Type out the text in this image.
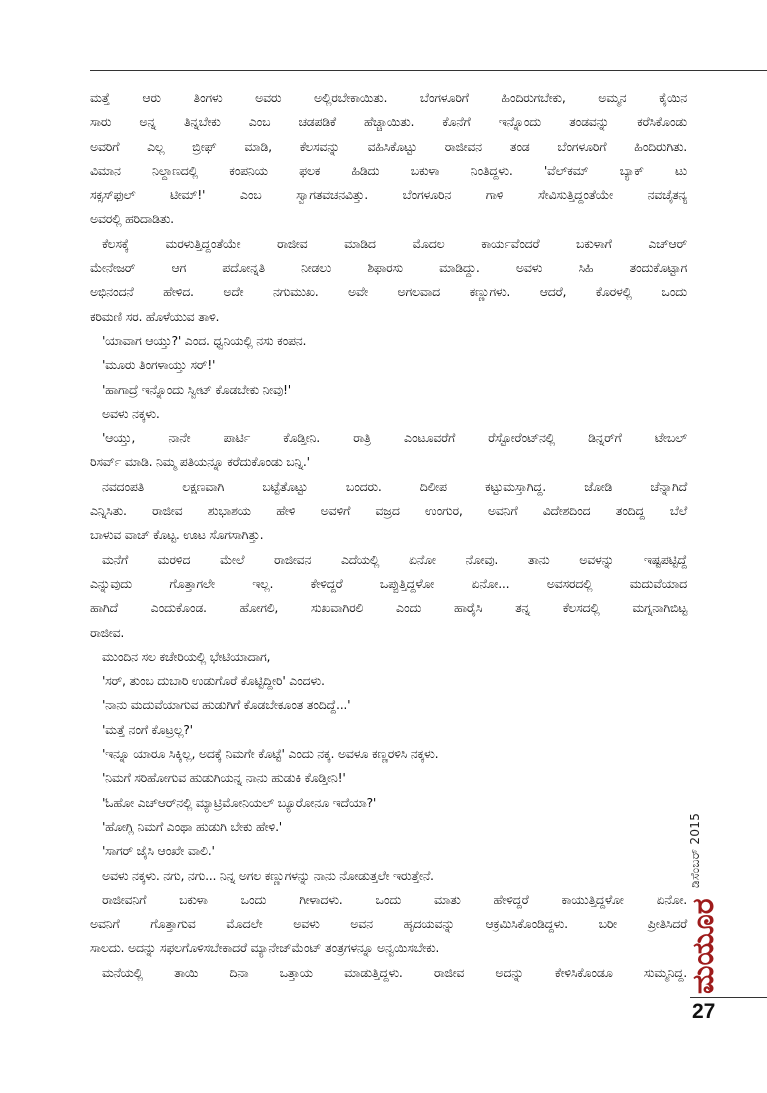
ಮತ್ತೆ ಆರು ತಿಂಗಳು ಅವರು ಅಲ್ಲಿರಬೇಕಾಯಿತು. ಬೆಂಗಳೂರಿಗೆ ಹಿಂದಿರುಗಬೇಕು, ಅಮ್ಮನ ಕೈಯಿನ
ಸಾರು ಅನ್ನ ತಿನ್ನಬೇಕು ಎಂಬ ಚಡಪಡಿಕೆ ಹೆಚ್ಚಾಯಿತು. ಕೊನೆಗೆ ಇನ್ನೊಂದು ತಂಡವನ್ನು ಕರೆಸಿಕೊಂಡು
ಅವರಿಗೆ ಎಲ್ಲ ಬ್ರೀಫ್ ಮಾಡಿ, ಕೆಲಸವನ್ನು ವಹಿಸಿಕೊಟ್ಟು ರಾಜೀವನ ತಂಡ ಬೆಂಗಳೂರಿಗೆ ಹಿಂದಿರುಗಿತು.
ವಿಮಾನ ನಿಲ್ದಾಣದಲ್ಲಿ ಕಂಪನಿಯ ಫಲಕ ಹಿಡಿದು ಬಕುಳಾ ನಿಂತಿದ್ದಳು. 'ವೆಲ್‌ಕಮ್ ಬ್ಯಾಕ್ ಟು
ಸಕ್ಸಸ್‌ಫುಲ್ ಟೀಮ್!' ಎಂಬ ಸ್ವಾಗತವಚನವಿತ್ತು. ಬೆಂಗಳೂರಿನ ಗಾಳಿ ಸೇವಿಸುತ್ತಿದ್ದಂತೆಯೇ ನವಚೈತನ್ಯ
ಅವರಲ್ಲಿ ಹರಿದಾಡಿತು.
ಕೆಲಸಕ್ಕೆ ಮರಳುತ್ತಿದ್ದಂತೆಯೇ ರಾಜೀವ ಮಾಡಿದ ಮೊದಲ ಕಾರ್ಯವೆಂದರೆ ಬಕುಳಾಗೆ ಎಚ್‌ಆರ್
ಮೇನೇಜರ್ ಆಗ ಪದೋನ್ನತಿ ನೀಡಲು ಶಿಫಾರಸು ಮಾಡಿದ್ದು. ಅವಳು ಸಿಹಿ ತಂದುಕೊಟ್ಟಾಗ
ಅಭಿನಂದನೆ ಹೇಳಿದ. ಅದೇ ನಗುಮುಖ. ಅವೇ ಅಗಲವಾದ ಕಣ್ಣುಗಳು. ಆದರೆ, ಕೊರಳಲ್ಲಿ ಒಂದು
ಕರಿಮಣಿ ಸರ. ಹೊಳೆಯುವ ತಾಳಿ.
'ಯಾವಾಗ ಆಯ್ತು?' ಎಂದ. ಧ್ವನಿಯಲ್ಲಿ ನಸು ಕಂಪನ.
'ಮೂರು ತಿಂಗಳಾಯ್ತು ಸರ್!'
'ಹಾಗಾದ್ರೆ ಇನ್ನೊಂದು ಸ್ವೀಟ್ ಕೊಡಬೇಕು ನೀವು!'
ಅವಳು ನಕ್ಕಳು.
'ಆಯ್ತು, ನಾನೇ ಪಾರ್ಟಿ ಕೊಡ್ತೀನಿ. ರಾತ್ರಿ ಎಂಟೂವರೆಗೆ ರೆಸ್ಟೋರೆಂಟ್‌ನಲ್ಲಿ ಡಿನ್ನರ್‌ಗೆ ಟೇಬಲ್
ರಿಸರ್ವ್ ಮಾಡಿ. ನಿಮ್ಮ ಪತಿಯನ್ನೂ ಕರೆದುಕೊಂಡು ಬನ್ನಿ.'
ನವದಂಪತಿ ಲಕ್ಷಣವಾಗಿ ಬಟ್ಟೆತೊಟ್ಟು ಬಂದರು. ದಿಲೀಪ ಕಟ್ಟುಮಸ್ತಾಗಿದ್ದ. ಜೋಡಿ ಚೆನ್ನಾಗಿದೆ
ಎನ್ನಿಸಿತು. ರಾಜೀವ ಶುಭಾಶಯ ಹೇಳಿ ಅವಳಿಗೆ ವಜ್ರದ ಉಂಗುರ, ಅವನಿಗೆ ವಿದೇಶದಿಂದ ತಂದಿದ್ದ ಬೆಲೆ
ಬಾಳುವ ವಾಚ್ ಕೊಟ್ಟ. ಊಟ ಸೊಗಸಾಗಿತ್ತು.
ಮನೆಗೆ ಮರಳಿದ ಮೇಲೆ ರಾಜೀವನ ಎದೆಯಲ್ಲಿ ಏನೋ ನೋವು. ತಾನು ಅವಳನ್ನು ಇಷ್ಟಪಟ್ಟಿದ್ದೆ
ಎನ್ನುವುದು ಗೊತ್ತಾಗಲೇ ಇಲ್ಲ. ಕೇಳಿದ್ದರೆ ಒಪ್ಪುತ್ತಿದ್ದಳೋ ಏನೋ... ಅವಸರದಲ್ಲಿ ಮದುವೆಯಾದ
ಹಾಗಿದೆ ಎಂದುಕೊಂಡ. ಹೋಗಲಿ, ಸುಖವಾಗಿರಲಿ ಎಂದು ಹಾರೈಸಿ ತನ್ನ ಕೆಲಸದಲ್ಲಿ ಮಗ್ನನಾಗಿಬಿಟ್ಟ
ರಾಜೀವ.
ಮುಂದಿನ ಸಲ ಕಚೇರಿಯಲ್ಲಿ ಭೇಟಿಯಾದಾಗ,
'ಸರ್, ತುಂಬ ದುಬಾರಿ ಉಡುಗೊರೆ ಕೊಟ್ಟಿದ್ದೀರಿ' ಎಂದಳು.
'ನಾನು ಮದುವೆಯಾಗುವ ಹುಡುಗಿಗೆ ಕೊಡಬೇಕೂಂತ ತಂದಿದ್ದೆ...'
'ಮತ್ತೆ ನಂಗೆ ಕೊಟ್ರಲ್ಲ?'
'ಇನ್ನೂ ಯಾರೂ ಸಿಕ್ಕಿಲ್ಲ, ಅದಕ್ಕೆ ನಿಮಗೇ ಕೊಟ್ಟೆ' ಎಂದು ನಕ್ಕ. ಅವಳೂ ಕಣ್ಣರಳಿಸಿ ನಕ್ಕಳು.
'ನಿಮಗೆ ಸರಿಹೋಗುವ ಹುಡುಗಿಯನ್ನ ನಾನು ಹುಡುಕಿ ಕೊಡ್ತೀನಿ!'
'ಓಹೋ ಎಚ್‌ಆರ್‌ನಲ್ಲಿ ಮ್ಯಾಟ್ರಿಮೋನಿಯಲ್ ಬ್ಯೂರೋನೂ ಇದೆಯಾ?'
'ಹೋಗ್ಲಿ ನಿಮಗೆ ಎಂಥಾ ಹುಡುಗಿ ಬೇಕು ಹೇಳಿ.'
'ಸಾಗರ್ ಜೈಸಿ ಆಂಖೇ ವಾಲಿ.'
ಅವಳು ನಕ್ಕಳು. ನಗು, ನಗು... ನಿನ್ನ ಅಗಲ ಕಣ್ಣುಗಳನ್ನು ನಾನು ನೋಡುತ್ತಲೇ ಇರುತ್ತೇನೆ.
ರಾಜೀವನಿಗೆ ಬಕುಳಾ ಒಂದು ಗೀಳಾದಳು. ಒಂದು ಮಾತು ಹೇಳಿದ್ದರೆ ಕಾಯುತ್ತಿದ್ದಳೋ ಏನೋ.
ಅವನಿಗೆ ಗೊತ್ತಾಗುವ ಮೊದಲೇ ಅವಳು ಅವನ ಹೃದಯವನ್ನು ಆಕ್ರಮಿಸಿಕೊಂಡಿದ್ದಳು. ಬರೀ ಪ್ರೀತಿಸಿದರೆ
ಸಾಲದು. ಅದನ್ನು ಸಫಲಗೊಳಿಸಬೇಕಾದರೆ ಮ್ಯಾನೇಜ್‌ಮೆಂಟ್ ತಂತ್ರಗಳನ್ನೂ ಅನ್ವಯಿಸಬೇಕು.
ಮನೆಯಲ್ಲಿ ತಾಯಿ ದಿನಾ ಒತ್ತಾಯ ಮಾಡುತ್ತಿದ್ದಳು. ರಾಜೀವ ಅದನ್ನು ಕೇಳಿಸಿಕೊಂಡೂ ಸುಮ್ಮನಿದ್ದ.
ಡಿಸೆಂಬರ್ 2015
ಮಯೂರ
27
